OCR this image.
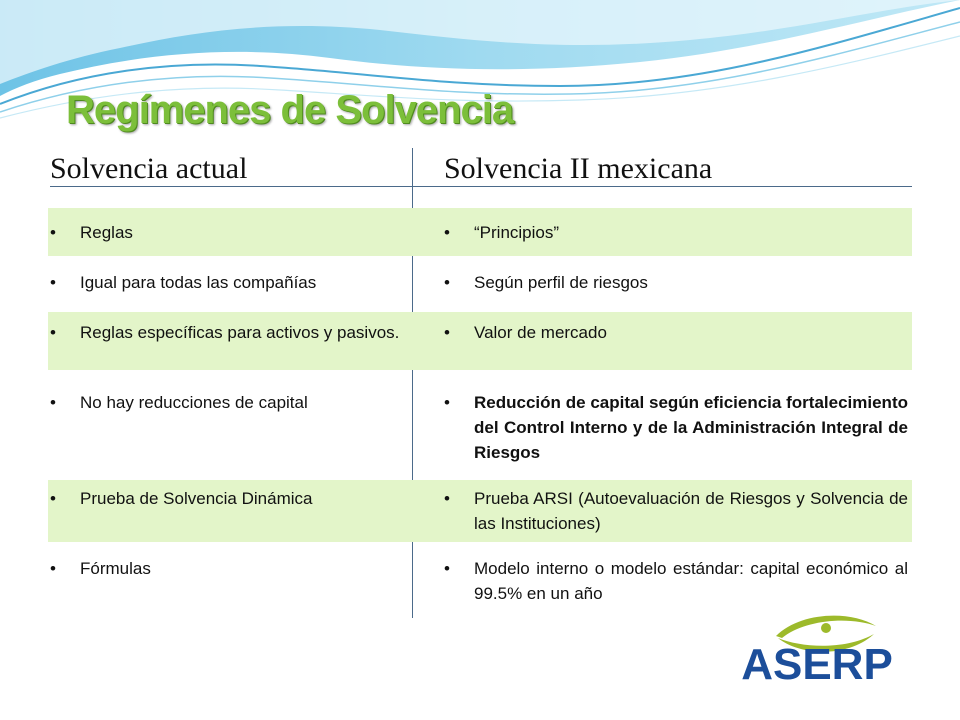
Regímenes de Solvencia
Solvencia actual	Solvencia II mexicana
•	Reglas	•	“Principios”
•	Igual para todas las compañías	•	Según perfil de riesgos
•	Reglas específicas para activos y pasivos.	•	Valor de mercado
•	No hay reducciones de capital	•	Reducción de capital según eficiencia fortalecimiento del Control Interno y de la Administración Integral de Riesgos
•	Prueba de Solvencia Dinámica	•	Prueba ARSI (Autoevaluación de Riesgos y Solvencia de las Instituciones)
•	Fórmulas	•	Modelo interno o modelo estándar: capital económico al 99.5% en un año
ASERP
